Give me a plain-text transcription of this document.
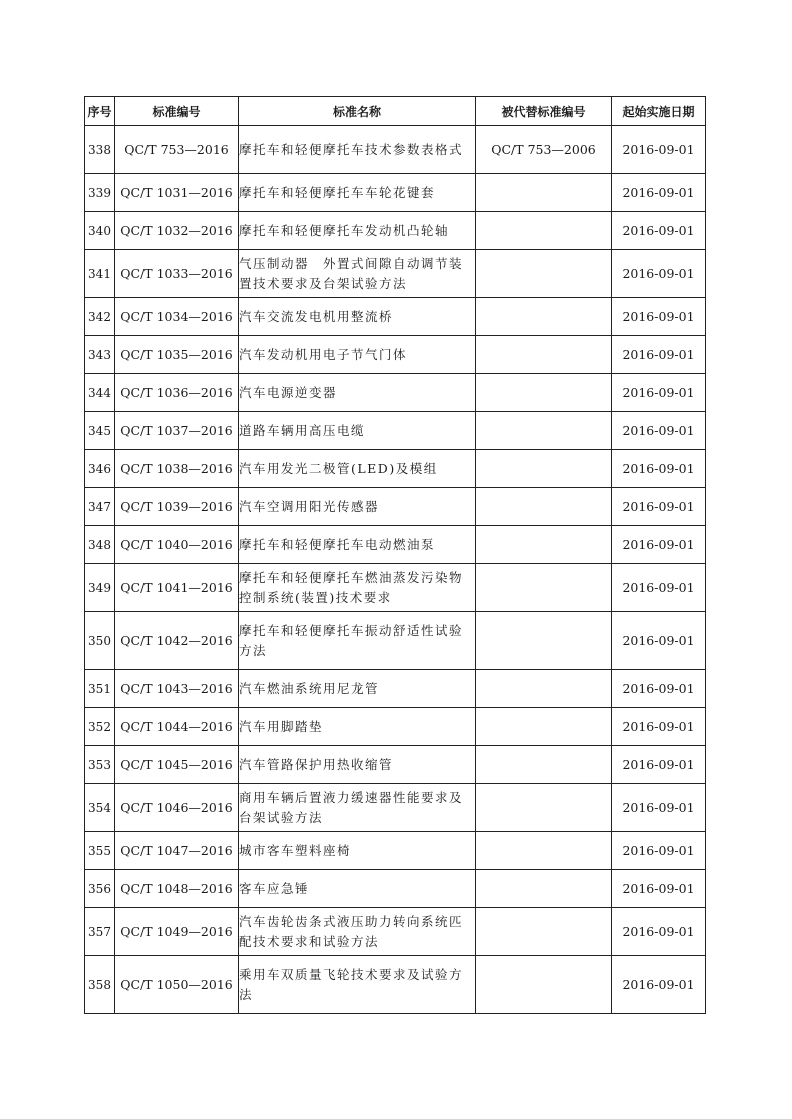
序号	标准编号	标准名称	被代替标准编号	起始实施日期
338	QC/T 753—2016	摩托车和轻便摩托车技术参数表格式	QC/T 753—2006	2016-09-01
339	QC/T 1031—2016	摩托车和轻便摩托车车轮花键套		2016-09-01
340	QC/T 1032—2016	摩托车和轻便摩托车发动机凸轮轴		2016-09-01
341	QC/T 1033—2016	气压制动器　外置式间隙自动调节装置技术要求及台架试验方法		2016-09-01
342	QC/T 1034—2016	汽车交流发电机用整流桥		2016-09-01
343	QC/T 1035—2016	汽车发动机用电子节气门体		2016-09-01
344	QC/T 1036—2016	汽车电源逆变器		2016-09-01
345	QC/T 1037—2016	道路车辆用高压电缆		2016-09-01
346	QC/T 1038—2016	汽车用发光二极管(LED)及模组		2016-09-01
347	QC/T 1039—2016	汽车空调用阳光传感器		2016-09-01
348	QC/T 1040—2016	摩托车和轻便摩托车电动燃油泵		2016-09-01
349	QC/T 1041—2016	摩托车和轻便摩托车燃油蒸发污染物控制系统(装置)技术要求		2016-09-01
350	QC/T 1042—2016	摩托车和轻便摩托车振动舒适性试验方法		2016-09-01
351	QC/T 1043—2016	汽车燃油系统用尼龙管		2016-09-01
352	QC/T 1044—2016	汽车用脚踏垫		2016-09-01
353	QC/T 1045—2016	汽车管路保护用热收缩管		2016-09-01
354	QC/T 1046—2016	商用车辆后置液力缓速器性能要求及台架试验方法		2016-09-01
355	QC/T 1047—2016	城市客车塑料座椅		2016-09-01
356	QC/T 1048—2016	客车应急锤		2016-09-01
357	QC/T 1049—2016	汽车齿轮齿条式液压助力转向系统匹配技术要求和试验方法		2016-09-01
358	QC/T 1050—2016	乘用车双质量飞轮技术要求及试验方法		2016-09-01
